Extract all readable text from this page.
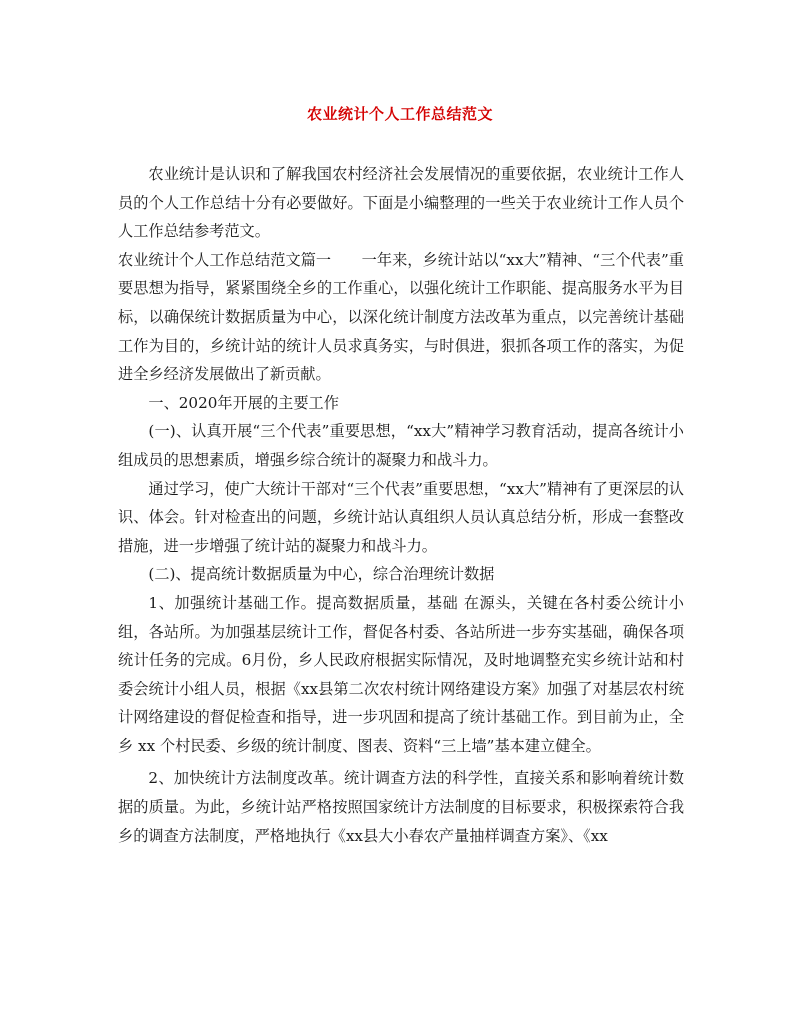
农业统计个人工作总结范文

农业统计是认识和了解我国农村经济社会发展情况的重要依据，农业统计工作人员的个人工作总结十分有必要做好。下面是小编整理的一些关于农业统计工作人员个人工作总结参考范文。

农业统计个人工作总结范文篇一　　一年来，乡统计站以“xx大”精神、“三个代表”重要思想为指导，紧紧围绕全乡的工作重心，以强化统计工作职能、提高服务水平为目标，以确保统计数据质量为中心，以深化统计制度方法改革为重点，以完善统计基础工作为目的，乡统计站的统计人员求真务实，与时俱进，狠抓各项工作的落实，为促进全乡经济发展做出了新贡献。

一、2020年开展的主要工作

(一)、认真开展“三个代表”重要思想，“xx大”精神学习教育活动，提高各统计小组成员的思想素质，增强乡综合统计的凝聚力和战斗力。

通过学习，使广大统计干部对“三个代表”重要思想，“xx大”精神有了更深层的认识、体会。针对检查出的问题，乡统计站认真组织人员认真总结分析，形成一套整改措施，进一步增强了统计站的凝聚力和战斗力。

(二)、提高统计数据质量为中心，综合治理统计数据

1、加强统计基础工作。提高数据质量，基础 在源头，关键在各村委公统计小组，各站所。为加强基层统计工作，督促各村委、各站所进一步夯实基础，确保各项统计任务的完成。6月份，乡人民政府根据实际情况，及时地调整充实乡统计站和村委会统计小组人员，根据《xx县第二次农村统计网络建设方案》加强了对基层农村统计网络建设的督促检查和指导，进一步巩固和提高了统计基础工作。到目前为止，全乡 xx 个村民委、乡级的统计制度、图表、资料“三上墙”基本建立健全。

2、加快统计方法制度改革。统计调查方法的科学性，直接关系和影响着统计数据的质量。为此，乡统计站严格按照国家统计方法制度的目标要求，积极探索符合我乡的调查方法制度，严格地执行《xx县大小春农产量抽样调查方案》、《xx
